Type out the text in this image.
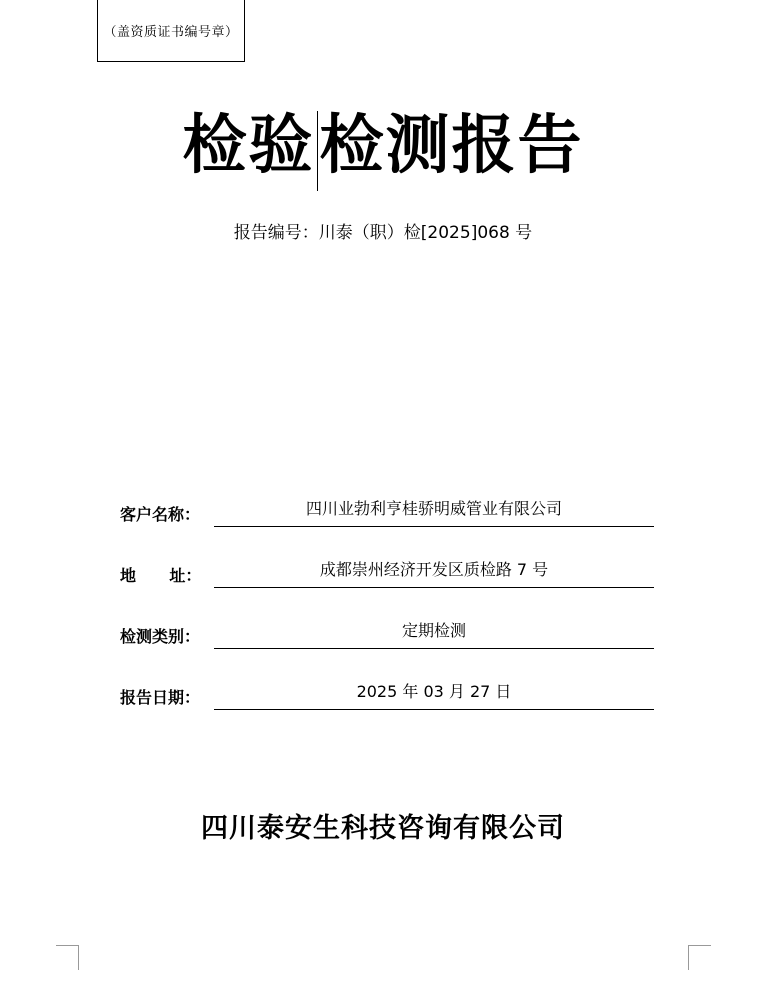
（盖资质证书编号章）
检验检测报告
报告编号：川泰（职）检[2025]068 号
客户名称：	四川业勃利亨桂骄明威管业有限公司
地      址：	成都崇州经济开发区质检路 7 号
检测类别：	定期检测
报告日期：	2025 年 03 月 27 日
四川泰安生科技咨询有限公司
